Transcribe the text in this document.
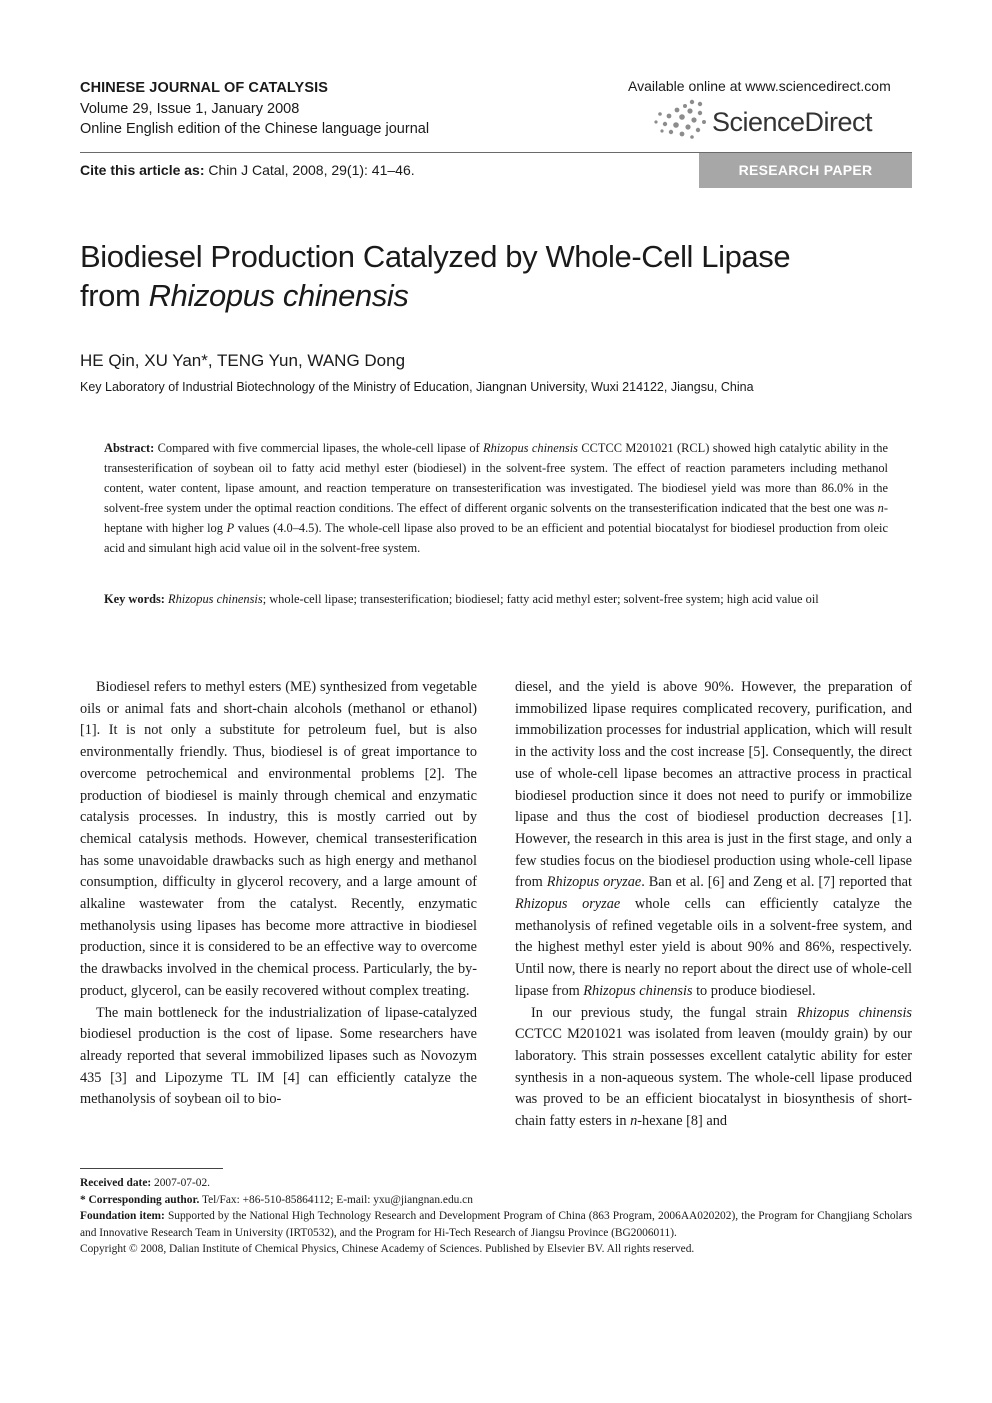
CHINESE JOURNAL OF CATALYSIS
Volume 29, Issue 1, January 2008
Online English edition of the Chinese language journal
Available online at www.sciencedirect.com
ScienceDirect
Cite this article as: Chin J Catal, 2008, 29(1): 41–46.	RESEARCH PAPER
Biodiesel Production Catalyzed by Whole-Cell Lipase
from Rhizopus chinensis
HE Qin, XU Yan*, TENG Yun, WANG Dong
Key Laboratory of Industrial Biotechnology of the Ministry of Education, Jiangnan University, Wuxi 214122, Jiangsu, China
Abstract: Compared with five commercial lipases, the whole-cell lipase of Rhizopus chinensis CCTCC M201021 (RCL) showed high catalytic ability in the transesterification of soybean oil to fatty acid methyl ester (biodiesel) in the solvent-free system. The effect of reaction parameters including methanol content, water content, lipase amount, and reaction temperature on transesterification was investigated. The biodiesel yield was more than 86.0% in the solvent-free system under the optimal reaction conditions. The effect of different organic solvents on the transesterification indicated that the best one was n-heptane with higher log P values (4.0–4.5). The whole-cell lipase also proved to be an efficient and potential biocatalyst for biodiesel production from oleic acid and simulant high acid value oil in the solvent-free system.
Key words: Rhizopus chinensis; whole-cell lipase; transesterification; biodiesel; fatty acid methyl ester; solvent-free system; high acid value oil

Biodiesel refers to methyl esters (ME) synthesized from vegetable oils or animal fats and short-chain alcohols (methanol or ethanol) [1]. It is not only a substitute for petroleum fuel, but is also environmentally friendly. Thus, biodiesel is of great importance to overcome petrochemical and environmental problems [2]. The production of biodiesel is mainly through chemical and enzymatic catalysis processes. In industry, this is mostly carried out by chemical catalysis methods. However, chemical transesterification has some unavoidable drawbacks such as high energy and methanol consumption, difficulty in glycerol recovery, and a large amount of alkaline wastewater from the catalyst. Recently, enzymatic methanolysis using lipases has become more attractive in biodiesel production, since it is considered to be an effective way to overcome the drawbacks involved in the chemical process. Particularly, the by-product, glycerol, can be easily recovered without complex treating.

The main bottleneck for the industrialization of lipase-catalyzed biodiesel production is the cost of lipase. Some researchers have already reported that several immobilized lipases such as Novozym 435 [3] and Lipozyme TL IM [4] can efficiently catalyze the methanolysis of soybean oil to bio-

diesel, and the yield is above 90%. However, the preparation of immobilized lipase requires complicated recovery, purification, and immobilization processes for industrial application, which will result in the activity loss and the cost increase [5]. Consequently, the direct use of whole-cell lipase becomes an attractive process in practical biodiesel production since it does not need to purify or immobilize lipase and thus the cost of biodiesel production decreases [1]. However, the research in this area is just in the first stage, and only a few studies focus on the biodiesel production using whole-cell lipase from Rhizopus oryzae. Ban et al. [6] and Zeng et al. [7] reported that Rhizopus oryzae whole cells can efficiently catalyze the methanolysis of refined vegetable oils in a solvent-free system, and the highest methyl ester yield is about 90% and 86%, respectively. Until now, there is nearly no report about the direct use of whole-cell lipase from Rhizopus chinensis to produce biodiesel.

In our previous study, the fungal strain Rhizopus chinensis CCTCC M201021 was isolated from leaven (mouldy grain) by our laboratory. This strain possesses excellent catalytic ability for ester synthesis in a non-aqueous system. The whole-cell lipase produced was proved to be an efficient biocatalyst in biosynthesis of short-chain fatty esters in n-hexane [8] and

Received date: 2007-07-02.
* Corresponding author. Tel/Fax: +86-510-85864112; E-mail: yxu@jiangnan.edu.cn
Foundation item: Supported by the National High Technology Research and Development Program of China (863 Program, 2006AA020202), the Program for Changjiang Scholars and Innovative Research Team in University (IRT0532), and the Program for Hi-Tech Research of Jiangsu Province (BG2006011).
Copyright © 2008, Dalian Institute of Chemical Physics, Chinese Academy of Sciences. Published by Elsevier BV. All rights reserved.
